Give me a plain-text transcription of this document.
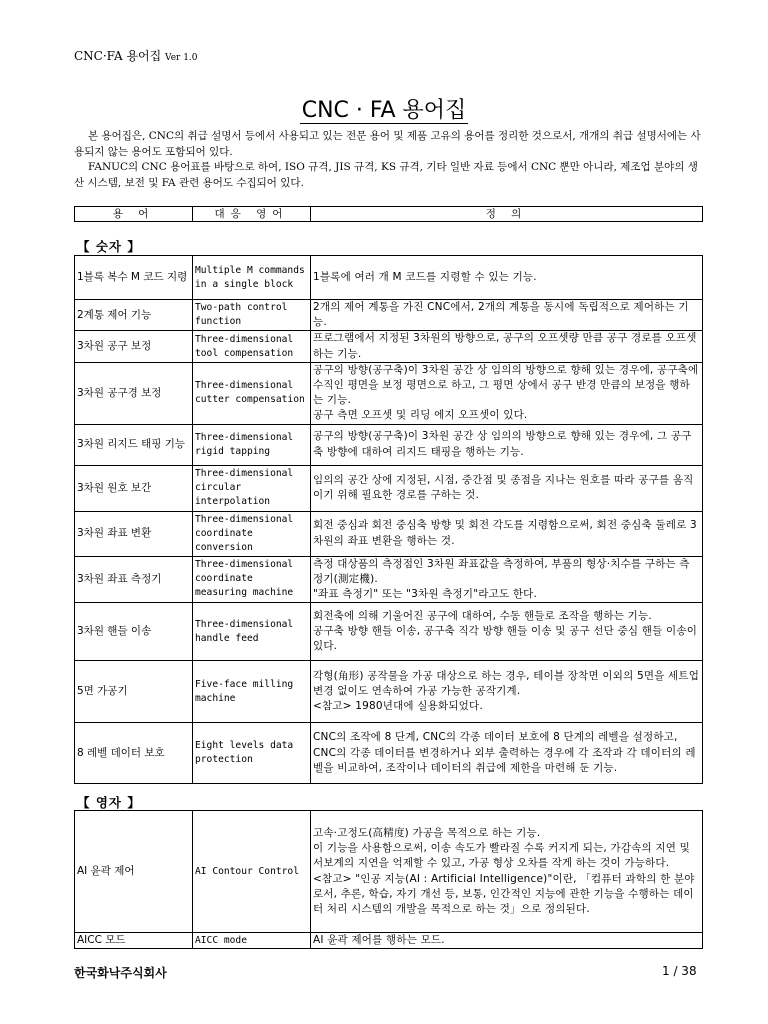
CNC·FA 용어집 Ver 1.0
CNC · FA 용어집

본 용어집은, CNC의 취급 설명서 등에서 사용되고 있는 전문 용어 및 제품 고유의 용어를 정리한 것으로서, 개개의 취급 설명서에는 사용되지 않는 용어도 포함되어 있다.

FANUC의 CNC 용어표를 바탕으로 하여, ISO 규격, JIS 규격, KS 규격, 기타 일반 자료 등에서 CNC 뿐만 아니라, 제조업 분야의 생산 시스템, 보전 및 FA 관련 용어도 수집되어 있다.

용 어	대응 영어	정 의
【 숫자 】
1블록 복수 M 코드 지령	Multiple M commands in a single block	1블록에 여러 개 M 코드를 지령할 수 있는 기능.
2계통 제어 기능	Two-path control function	2개의 제어 계통을 가진 CNC에서, 2개의 계통을 동시에 독립적으로 제어하는 기능.
3차원 공구 보정	Three-dimensional tool compensation	프로그램에서 지정된 3차원의 방향으로, 공구의 오프셋량 만큼 공구 경로를 오프셋하는 기능.
3차원 공구경 보정	Three-dimensional cutter compensation	공구의 방향(공구축)이 3차원 공간 상 임의의 방향으로 향해 있는 경우에, 공구축에 수직인 평면을 보정 평면으로 하고, 그 평면 상에서 공구 반경 만큼의 보정을 행하는 기능.
공구 측면 오프셋 및 리딩 에지 오프셋이 있다.
3차원 리지드 태핑 기능	Three-dimensional rigid tapping	공구의 방향(공구축)이 3차원 공간 상 임의의 방향으로 향해 있는 경우에, 그 공구축 방향에 대하여 리지드 태핑을 행하는 기능.
3차원 원호 보간	Three-dimensional circular interpolation	임의의 공간 상에 지정된, 시점, 중간점 및 종점을 지나는 원호를 따라 공구를 움직이기 위해 필요한 경로를 구하는 것.
3차원 좌표 변환	Three-dimensional coordinate conversion	회전 중심과 회전 중심축 방향 및 회전 각도를 지령함으로써, 회전 중심축 둘레로 3차원의 좌표 변환을 행하는 것.
3차원 좌표 측정기	Three-dimensional coordinate measuring machine	측정 대상품의 측정점인 3차원 좌표값을 측정하여, 부품의 형상·치수를 구하는 측정기(測定機).
"좌표 측정기" 또는 "3차원 측정기"라고도 한다.
3차원 핸들 이송	Three-dimensional handle feed	회전축에 의해 기울어진 공구에 대하여, 수동 핸들로 조작을 행하는 기능.
공구축 방향 핸들 이송, 공구축 직각 방향 핸들 이송 및 공구 선단 중심 핸들 이송이 있다.
5면 가공기	Five-face milling machine	각형(角形) 공작물을 가공 대상으로 하는 경우, 테이블 장착면 이외의 5면을 세트업 변경 없이도 연속하여 가공 가능한 공작기계.
<참고> 1980년대에 실용화되었다.
8 레벨 데이터 보호	Eight levels data protection	CNC의 조작에 8 단계, CNC의 각종 데이터 보호에 8 단계의 레벨을 설정하고, CNC의 각종 데이터를 변경하거나 외부 출력하는 경우에 각 조작과 각 데이터의 레벨을 비교하여, 조작이나 데이터의 취급에 제한을 마련해 둔 기능.
【 영자 】
AI 윤곽 제어	AI Contour Control	고속·고정도(高精度) 가공을 목적으로 하는 기능.
이 기능을 사용함으로써, 이송 속도가 빨라질 수록 커지게 되는, 가감속의 지연 및 서보계의 지연을 억제할 수 있고, 가공 형상 오차를 작게 하는 것이 가능하다.
<참고> "인공 지능(AI : Artificial Intelligence)"이란, 「컴퓨터 과학의 한 분야로서, 추론, 학습, 자기 개선 등, 보통, 인간적인 지능에 관한 기능을 수행하는 데이터 처리 시스템의 개발을 목적으로 하는 것」으로 정의된다.
AICC 모드	AICC mode	AI 윤곽 제어를 행하는 모드.
한국화낙주식회사	1 / 38
